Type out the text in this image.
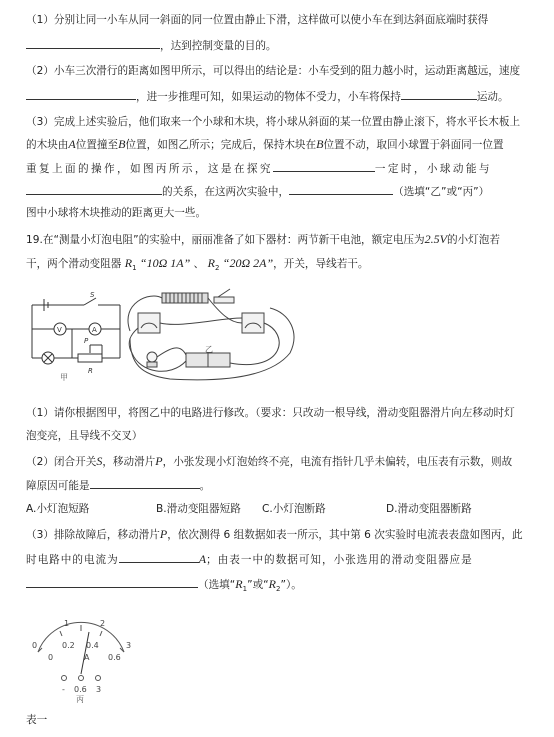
（1）分别让同一小车从同一斜面的同一位置由静止下滑，这样做可以使小车在到达斜面底端时获得
，达到控制变量的目的。
（2）小车三次滑行的距离如图甲所示，可以得出的结论是：小车受到的阻力越小时，运动距离越远，速度
，进一步推理可知，如果运动的物体不受力，小车将保持	运动。
（3）完成上述实验后，他们取来一个小球和木块，将小球从斜面的某一位置由静止滚下，将水平长木板上
的木块由A位置撞至B位置，如图乙所示；完成后，保持木块在B位置不动，取回小球置于斜面同一位置
重复上面的操作，如图丙所示，这是在探究	一定时，小球动能与
的关系，在这两次实验中，	（选填“乙”或“丙”）
图中小球将木块推动的距离更大一些。
19.在“测量小灯泡电阻”的实验中，丽丽准备了如下器材：两节新干电池，额定电压为2.5V的小灯泡若
干，两个滑动变阻器 $R_1$ “10Ω 1A” 、 $R_2$ “20Ω 2A”，开关，导线若干。
V	A
S
P
R
甲
乙
（1）请你根据图甲，将图乙中的电路进行修改。（要求：只改动一根导线，滑动变阻器滑片向左移动时灯
泡变亮，且导线不交叉）
（2）闭合开关S，移动滑片P，小张发现小灯泡始终不亮，电流有指针几乎未偏转，电压表有示数，则故
障原因可能是	。
A.小灯泡短路	B.滑动变阻器短路 C.小灯泡断路	D.滑动变阻器断路
（3）排除故障后，移动滑片P，依次测得 6 组数据如表一所示，其中第 6 次实验时电流表表盘如图丙，此
时电路中的电流为	A；由表一中的数据可知，小张选用的滑动变阻器应是
（选填“$R_1$”或“$R_2$”）。
0
1	2
3
0
0.2 0.4
0.6
A
- 0.6 3
丙
表一
